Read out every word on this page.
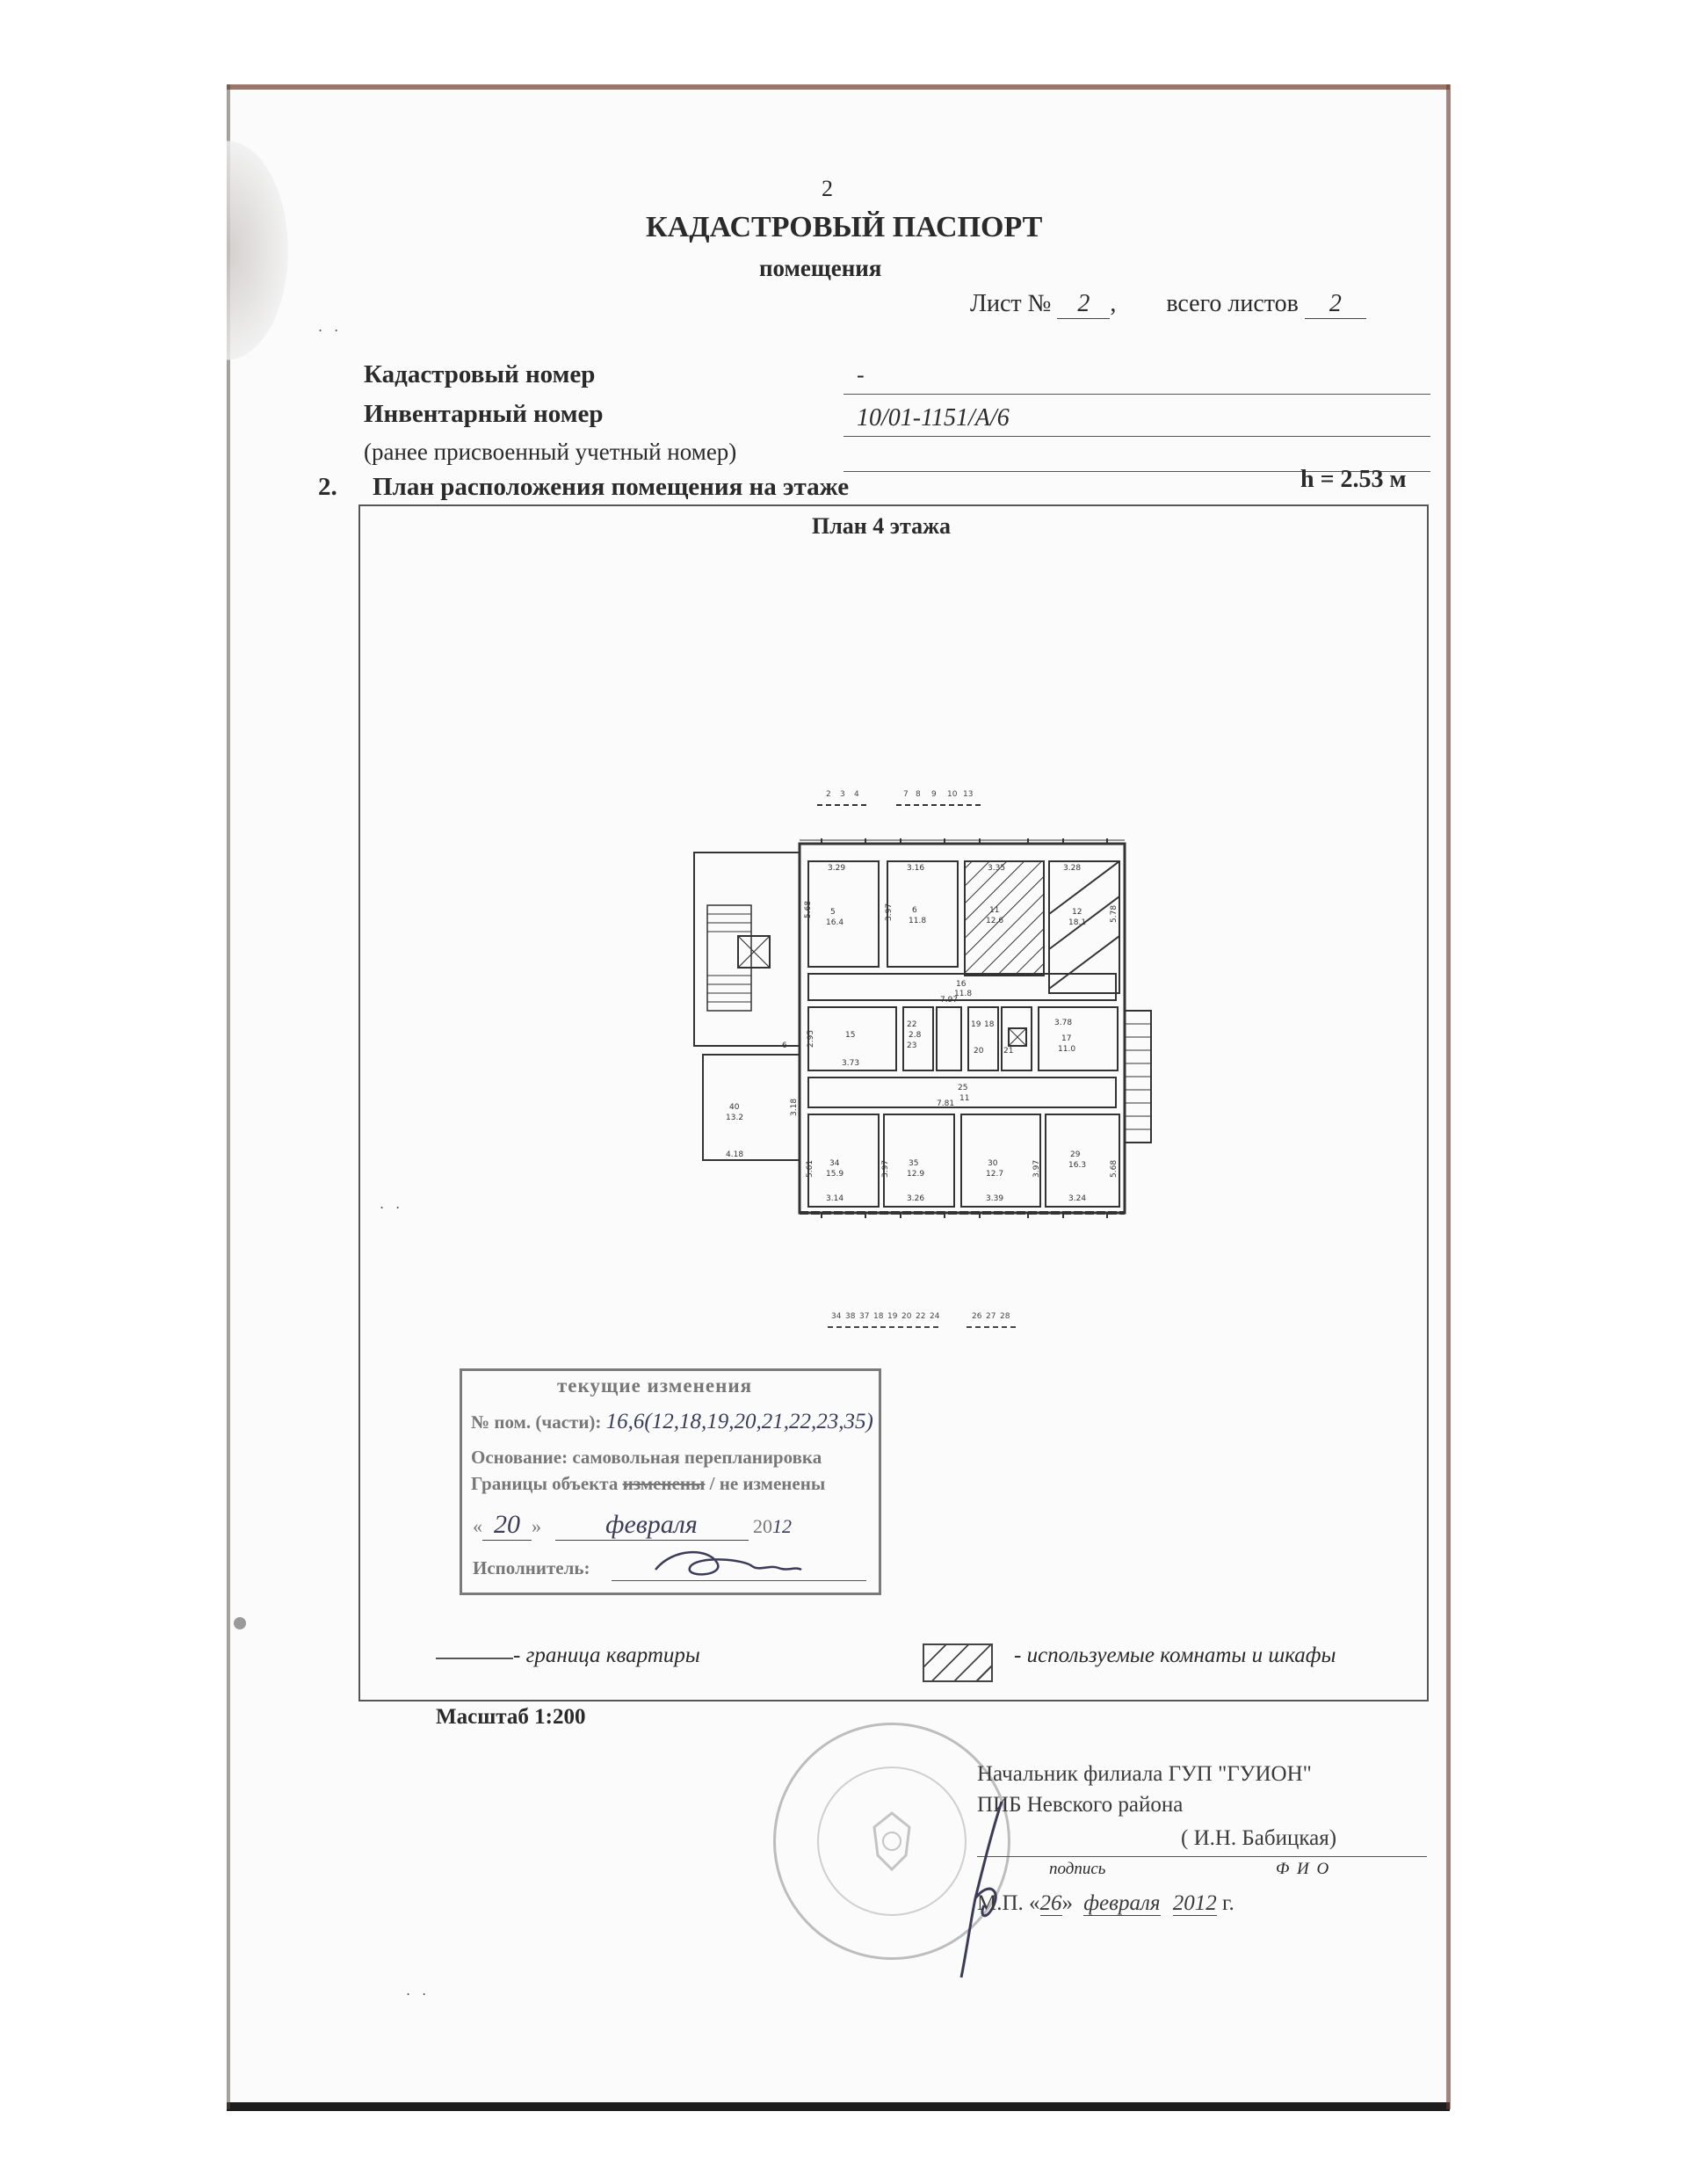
2
КАДАСТРОВЫЙ ПАСПОРТ
помещения
Лист № 2 , всего листов 2
. .
Кадастровый номер	-
Инвентарный номер	10/01-1151/А/6
(ранее присвоенный учетный номер)
2. План расположения помещения на этаже	h = 2.53 м
План 4 этажа
2 3 4	7 8 9 10 13
3.29
5
16.4
5.68
3.16
6
11.8
3.97
3.35
11
12.6
3.28
12
18.1	5.78
16
11.8
7.97
15
3.73
2.95
22
2.8
23
19 18
20	21
3.78
17
11.0
6
25
11
7.81
40
13.2
4.18
3.18
34
15.9
3.14
5.61	35
12.9
3.26
3.97	30
12.7
3.39
3.97
29
16.3
3.24
5.68
34 38 37 18 19 20 22 24	26 27 28
. .
текущие изменения
№ пом. (части): 16,6(12,18,19,20,21,22,23,35)
Основание: самовольная перепланировка
Границы объекта изменены / не изменены
« 20 » февраля	2012
Исполнитель:
- граница квартиры	- используемые комнаты и шкафы
Масштаб 1:200
Начальник филиала ГУП "ГУИОН"
ПИБ Невского района
( И.Н. Бабицкая)
подпись	Ф И О
М.П. «26» февраля 2012 г.
. .
